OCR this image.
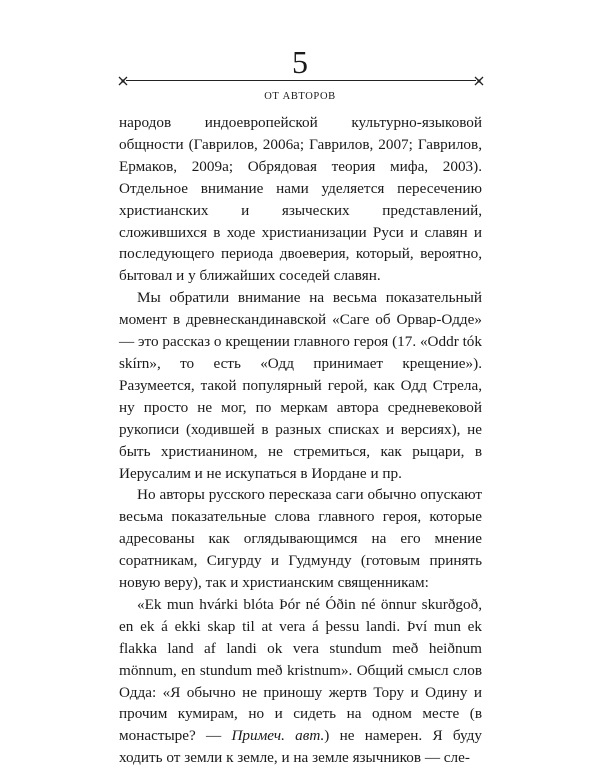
5
ОТ АВТОРОВ

народов индоевропейской культурно-языковой общности (Гаврилов, 2006а; Гаврилов, 2007; Гаврилов, Ермаков, 2009а; Обрядовая теория мифа, 2003). Отдельное внимание нами уделяется пересечению христианских и языческих представлений, сложившихся в ходе христианизации Руси и славян и последующего периода двоеверия, который, вероятно, бытовал и у ближайших соседей славян.

Мы обратили внимание на весьма показательный момент в древнескандинавской «Саге об Орвар-Одде» — это рассказ о крещении главного героя (17. «Oddr tók skírn», то есть «Одд принимает крещение»). Разумеется, такой популярный герой, как Одд Стрела, ну просто не мог, по меркам автора средневековой рукописи (ходившей в разных списках и версиях), не быть христианином, не стремиться, как рыцари, в Иерусалим и не искупаться в Иордане и пр.

Но авторы русского пересказа саги обычно опускают весьма показательные слова главного героя, которые адресованы как оглядывающимся на его мнение соратникам, Сигурду и Гудмунду (готовым принять новую веру), так и христианским священникам:

«Ek mun hvárki blóta Þór né Óðin né önnur skurðgoð, en ek á ekki skap til at vera á þessu landi. Því mun ek flakka land af landi ok vera stundum með heiðnum mönnum, en stundum með kristnum». Общий смысл слов Одда: «Я обычно не приношу жертв Тору и Одину и прочим кумирам, но и сидеть на одном месте (в монастыре? — Примеч. авт.) не намерен. Я буду ходить от земли к земле, и на земле язычников — сле-
